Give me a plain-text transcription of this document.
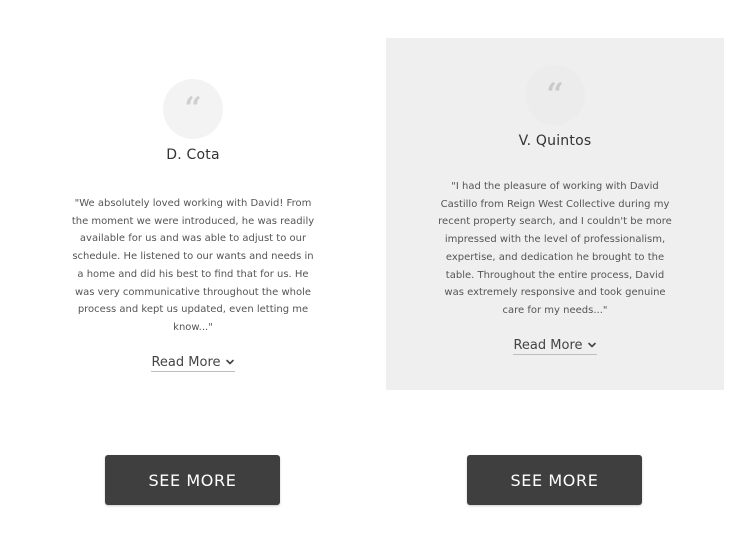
“
D. Cota
"We absolutely loved working with David! From the moment we were introduced, he was readily available for us and was able to adjust to our schedule. He listened to our wants and needs in a home and did his best to find that for us. He was very communicative throughout the whole process and kept us updated, even letting me know..."
Read More
“
V. Quintos
"I had the pleasure of working with David Castillo from Reign West Collective during my recent property search, and I couldn't be more impressed with the level of professionalism, expertise, and dedication he brought to the table. Throughout the entire process, David was extremely responsive and took genuine care for my needs..."
Read More
SEE MORE	SEE MORE
